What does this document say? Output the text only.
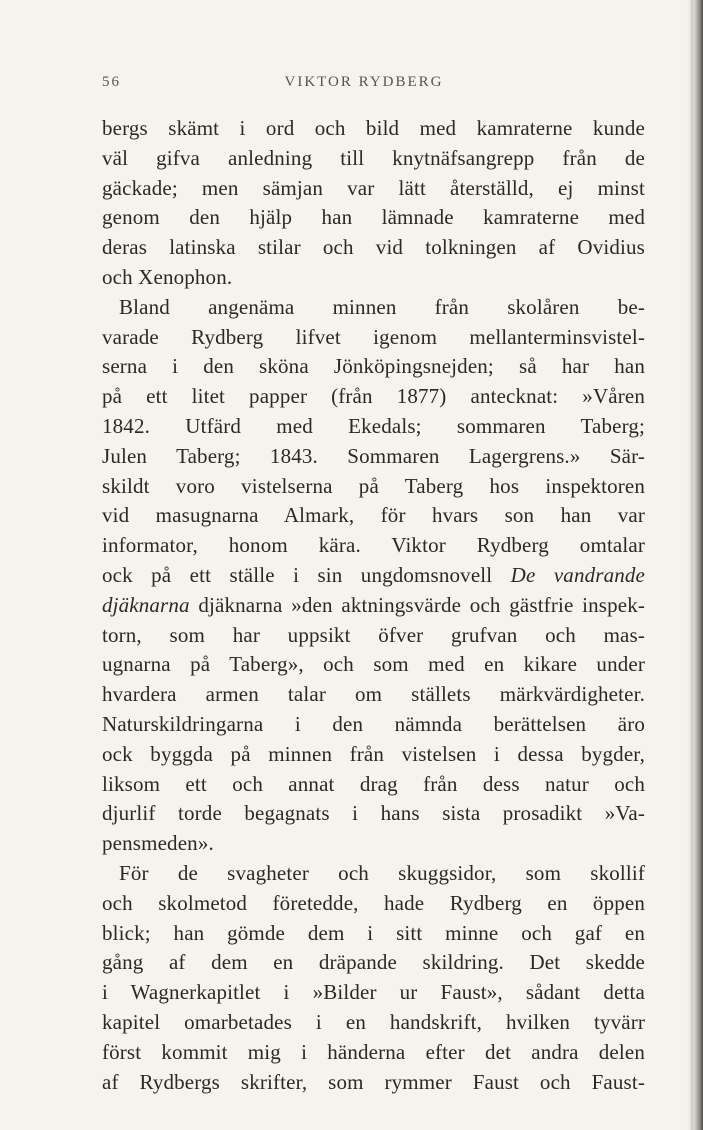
56	VIKTOR RYDBERG
bergs skämt i ord och bild med kamraterne kunde
väl gifva anledning till knytnäfsangrepp från de
gäckade; men sämjan var lätt återställd, ej minst
genom den hjälp han lämnade kamraterne med
deras latinska stilar och vid tolkningen af Ovidius
och Xenophon.
Bland angenäma minnen från skolåren be-
varade Rydberg lifvet igenom mellanterminsvistel-
serna i den sköna Jönköpingsnejden; så har han
på ett litet papper (från 1877) antecknat: »Våren
1842. Utfärd med Ekedals; sommaren Taberg;
Julen Taberg; 1843. Sommaren Lagergrens.» Sär-
skildt voro vistelserna på Taberg hos inspektoren
vid masugnarna Almark, för hvars son han var
informator, honom kära. Viktor Rydberg omtalar
ock på ett ställe i sin ungdomsnovell De vandrande
djäknarna djäknarna »den aktningsvärde och gästfrie inspek-
torn, som har uppsikt öfver grufvan och mas-
ugnarna på Taberg», och som med en kikare under
hvardera armen talar om ställets märkvärdigheter.
Naturskildringarna i den nämnda berättelsen äro
ock byggda på minnen från vistelsen i dessa bygder,
liksom ett och annat drag från dess natur och
djurlif torde begagnats i hans sista prosadikt »Va-
pensmeden».
För de svagheter och skuggsidor, som skollif
och skolmetod företedde, hade Rydberg en öppen
blick; han gömde dem i sitt minne och gaf en
gång af dem en dräpande skildring. Det skedde
i Wagnerkapitlet i »Bilder ur Faust», sådant detta
kapitel omarbetades i en handskrift, hvilken tyvärr
först kommit mig i händerna efter det andra delen
af Rydbergs skrifter, som rymmer Faust och Faust-
